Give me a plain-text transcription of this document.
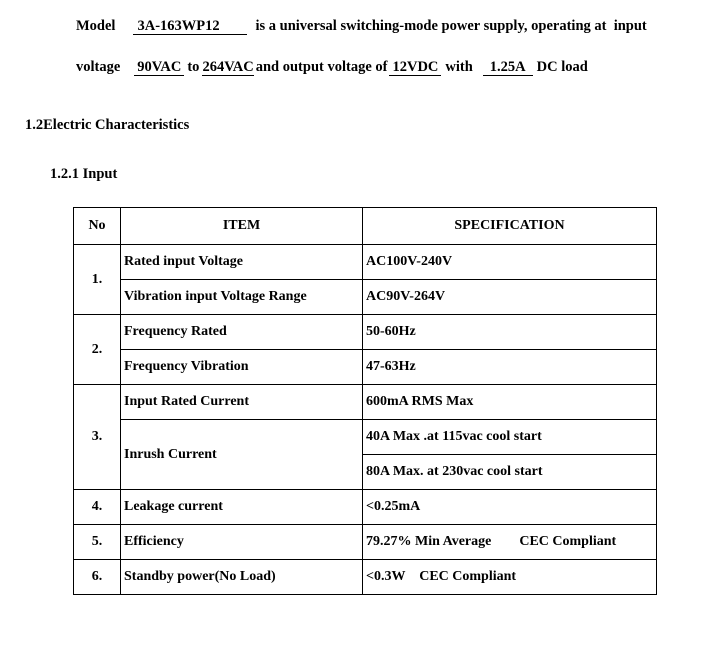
Model 3A-163WP12 is a universal switching-mode power supply, operating at  input
voltage 90VAC to 264VAC and output voltage of 12VDC with 1.25A DC load
1.2Electric Characteristics
1.2.1 Input
No	ITEM	SPECIFICATION
1.	Rated input Voltage	AC100V-240V
	Vibration input Voltage Range	AC90V-264V
2.	Frequency Rated	50-60Hz
	Frequency Vibration	47-63Hz
3.	Input Rated Current	600mA RMS Max
	Inrush Current	40A Max .at 115vac cool start
		80A Max. at 230vac cool start
4.	Leakage current	<0.25mA
5.	Efficiency	79.27% Min Average        CEC Compliant
6.	Standby power(No Load)	<0.3W    CEC Compliant
